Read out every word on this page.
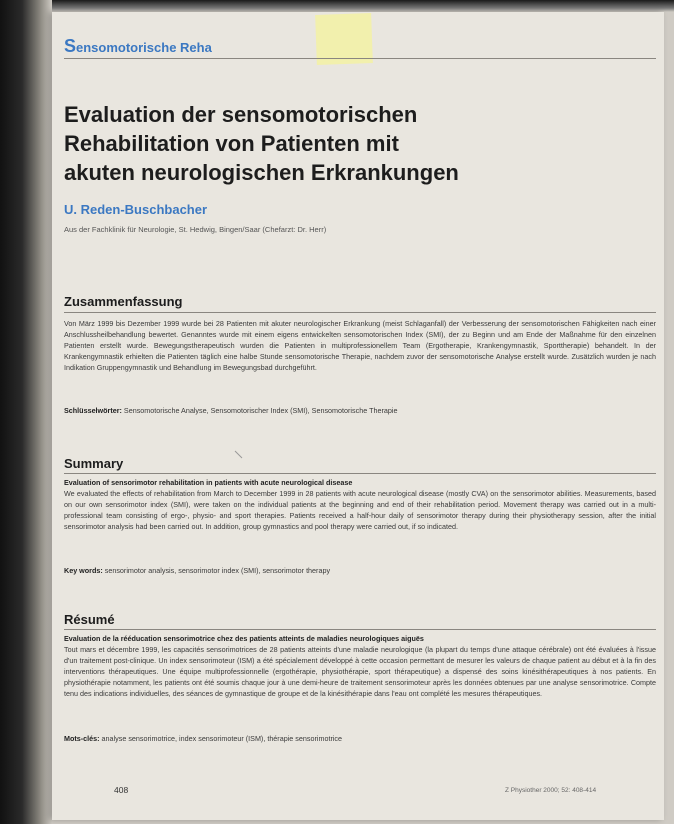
Sensomotorische Reha
Evaluation der sensomotorischen
Rehabilitation von Patienten mit
akuten neurologischen Erkrankungen
U. Reden-Buschbacher
Aus der Fachklinik für Neurologie, St. Hedwig, Bingen/Saar (Chefarzt: Dr. Herr)
Zusammenfassung
Von März 1999 bis Dezember 1999 wurde bei 28 Patienten mit akuter neurologischer Erkrankung (meist Schlaganfall) der Verbesserung der sensomotorischen Fähigkeiten nach einer Anschlussheilbehandlung bewertet. Genanntes wurde mit einem eigens entwickelten sensomotorischen Index (SMI), der zu Beginn und am Ende der Maßnahme für den einzelnen Patienten erstellt wurde. Bewegungstherapeutisch wurden die Patienten in multiprofessionellem Team (Ergotherapie, Krankengymnastik, Sporttherapie) behandelt. In der Krankengymnastik erhielten die Patienten täglich eine halbe Stunde sensomotorische Therapie, nachdem zuvor der sensomotorische Analyse erstellt wurde. Zusätzlich wurden je nach Indikation Gruppengymnastik und Behandlung im Bewegungsbad durchgeführt.
Schlüsselwörter: Sensomotorische Analyse, Sensomotorischer Index (SMI), Sensomotorische Therapie
Summary
Evaluation of sensorimotor rehabilitation in patients with acute neurological disease
We evaluated the effects of rehabilitation from March to December 1999 in 28 patients with acute neurological disease (mostly CVA) on the sensorimotor abilities. Measurements, based on our own sensorimotor index (SMI), were taken on the individual patients at the beginning and end of their rehabilitation period. Movement therapy was carried out in a multi-professional team consisting of ergo-, physio- and sport therapies. Patients received a half-hour daily of sensorimotor therapy during their physiotherapy session, after the initial sensorimotor analysis had been carried out. In addition, group gymnastics and pool therapy were carried out, if so indicated.
Key words: sensorimotor analysis, sensorimotor index (SMI), sensorimotor therapy
Résumé
Evaluation de la rééducation sensorimotrice chez des patients atteints de maladies neurologiques aiguës
Tout mars et décembre 1999, les capacités sensorimotrices de 28 patients atteints d'une maladie neurologique (la plupart du temps d'une attaque cérébrale) ont été évaluées à l'issue d'un traitement post-clinique. Un index sensorimoteur (ISM) a été spécialement développé à cette occasion permettant de mesurer les valeurs de chaque patient au début et à la fin des interventions thérapeutiques. Une équipe multiprofessionnelle (ergothérapie, physiothérapie, sport thérapeutique) a dispensé des soins kinésithérapeutiques à nos patients. En physiothérapie notamment, les patients ont été soumis chaque jour à une demi-heure de traitement sensorimoteur après les données obtenues par une analyse sensorimotrice. Compte tenu des indications individuelles, des séances de gymnastique de groupe et de la kinésithérapie dans l'eau ont complété les mesures thérapeutiques.
Mots-clés: analyse sensorimotrice, index sensorimoteur (ISM), thérapie sensorimotrice
408	Z Physiother 2000; 52: 408-414
